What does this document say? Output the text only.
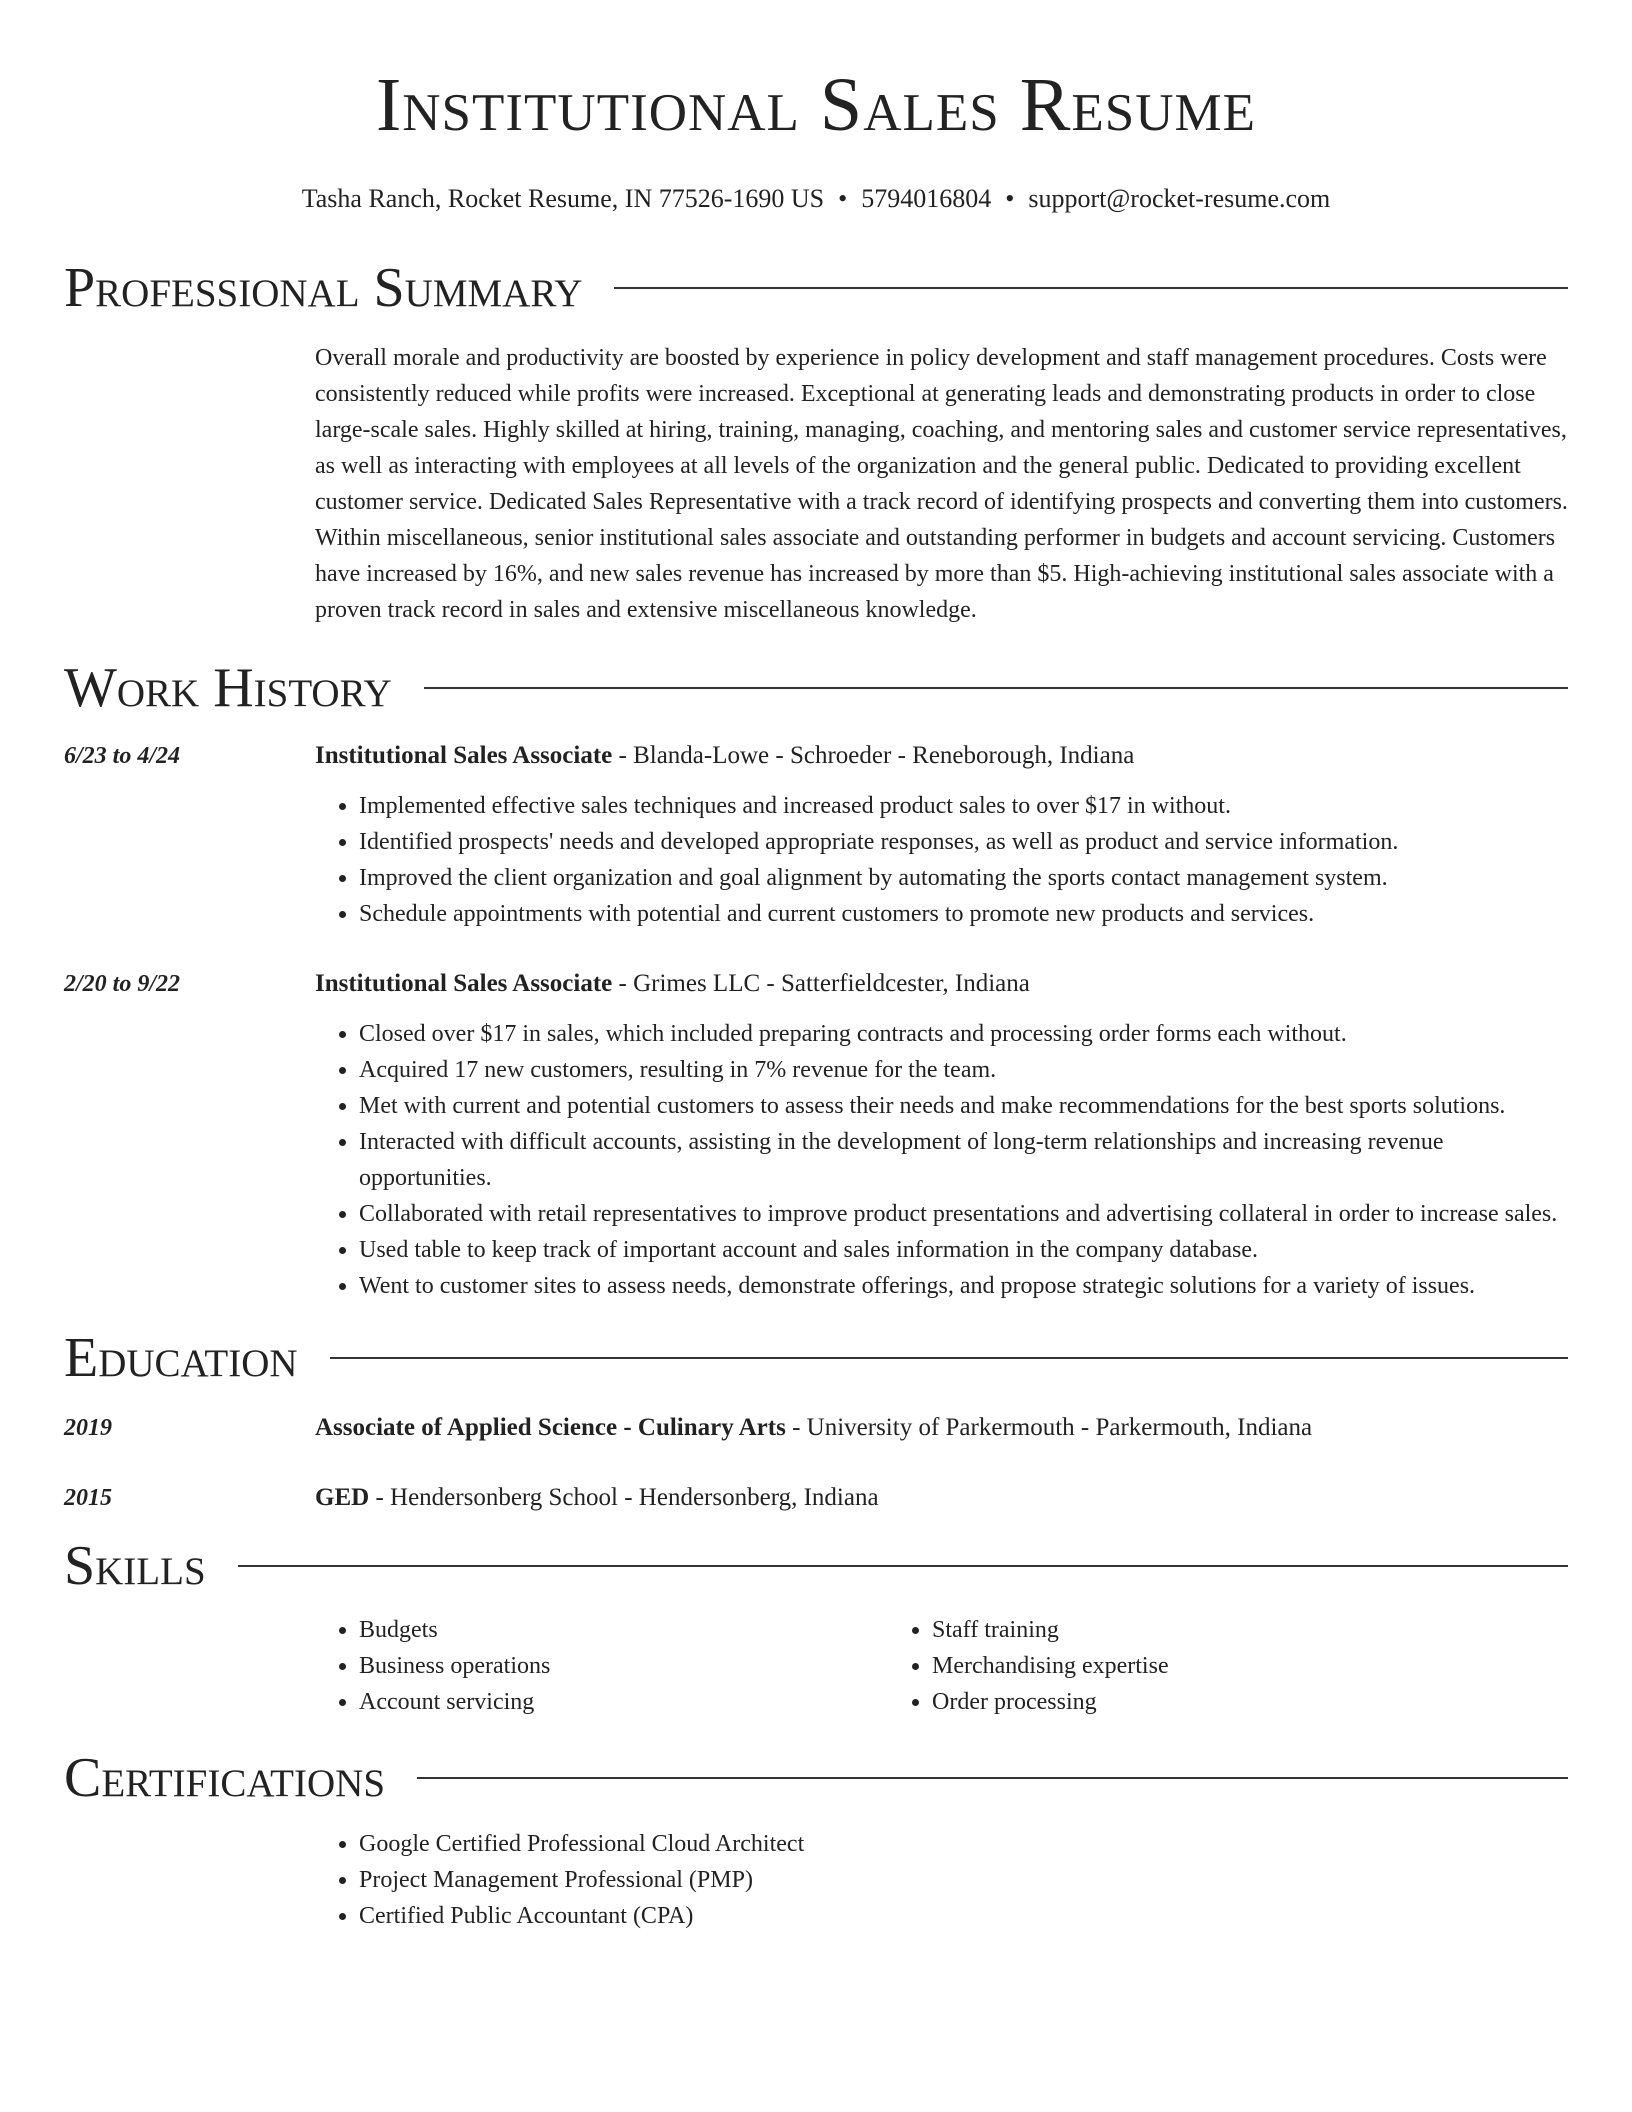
Institutional Sales Resume
Tasha Ranch, Rocket Resume, IN 77526-1690 US • 5794016804 • support@rocket-resume.com
Professional Summary
Overall morale and productivity are boosted by experience in policy development and staff management procedures. Costs were consistently reduced while profits were increased. Exceptional at generating leads and demonstrating products in order to close large-scale sales. Highly skilled at hiring, training, managing, coaching, and mentoring sales and customer service representatives, as well as interacting with employees at all levels of the organization and the general public. Dedicated to providing excellent customer service. Dedicated Sales Representative with a track record of identifying prospects and converting them into customers. Within miscellaneous, senior institutional sales associate and outstanding performer in budgets and account servicing. Customers have increased by 16%, and new sales revenue has increased by more than $5. High-achieving institutional sales associate with a proven track record in sales and extensive miscellaneous knowledge.
Work History
6/23 to 4/24	Institutional Sales Associate - Blanda-Lowe - Schroeder - Reneborough, Indiana
• Implemented effective sales techniques and increased product sales to over $17 in without.
• Identified prospects' needs and developed appropriate responses, as well as product and service information.
• Improved the client organization and goal alignment by automating the sports contact management system.
• Schedule appointments with potential and current customers to promote new products and services.
2/20 to 9/22	Institutional Sales Associate - Grimes LLC - Satterfieldcester, Indiana
• Closed over $17 in sales, which included preparing contracts and processing order forms each without.
• Acquired 17 new customers, resulting in 7% revenue for the team.
• Met with current and potential customers to assess their needs and make recommendations for the best sports solutions.
• Interacted with difficult accounts, assisting in the development of long-term relationships and increasing revenue opportunities.
• Collaborated with retail representatives to improve product presentations and advertising collateral in order to increase sales.
• Used table to keep track of important account and sales information in the company database.
• Went to customer sites to assess needs, demonstrate offerings, and propose strategic solutions for a variety of issues.
Education
2019	Associate of Applied Science - Culinary Arts - University of Parkermouth - Parkermouth, Indiana
2015	GED - Hendersonberg School - Hendersonberg, Indiana
Skills
• Budgets
• Business operations
• Account servicing
• Staff training
• Merchandising expertise
• Order processing
Certifications
• Google Certified Professional Cloud Architect
• Project Management Professional (PMP)
• Certified Public Accountant (CPA)
